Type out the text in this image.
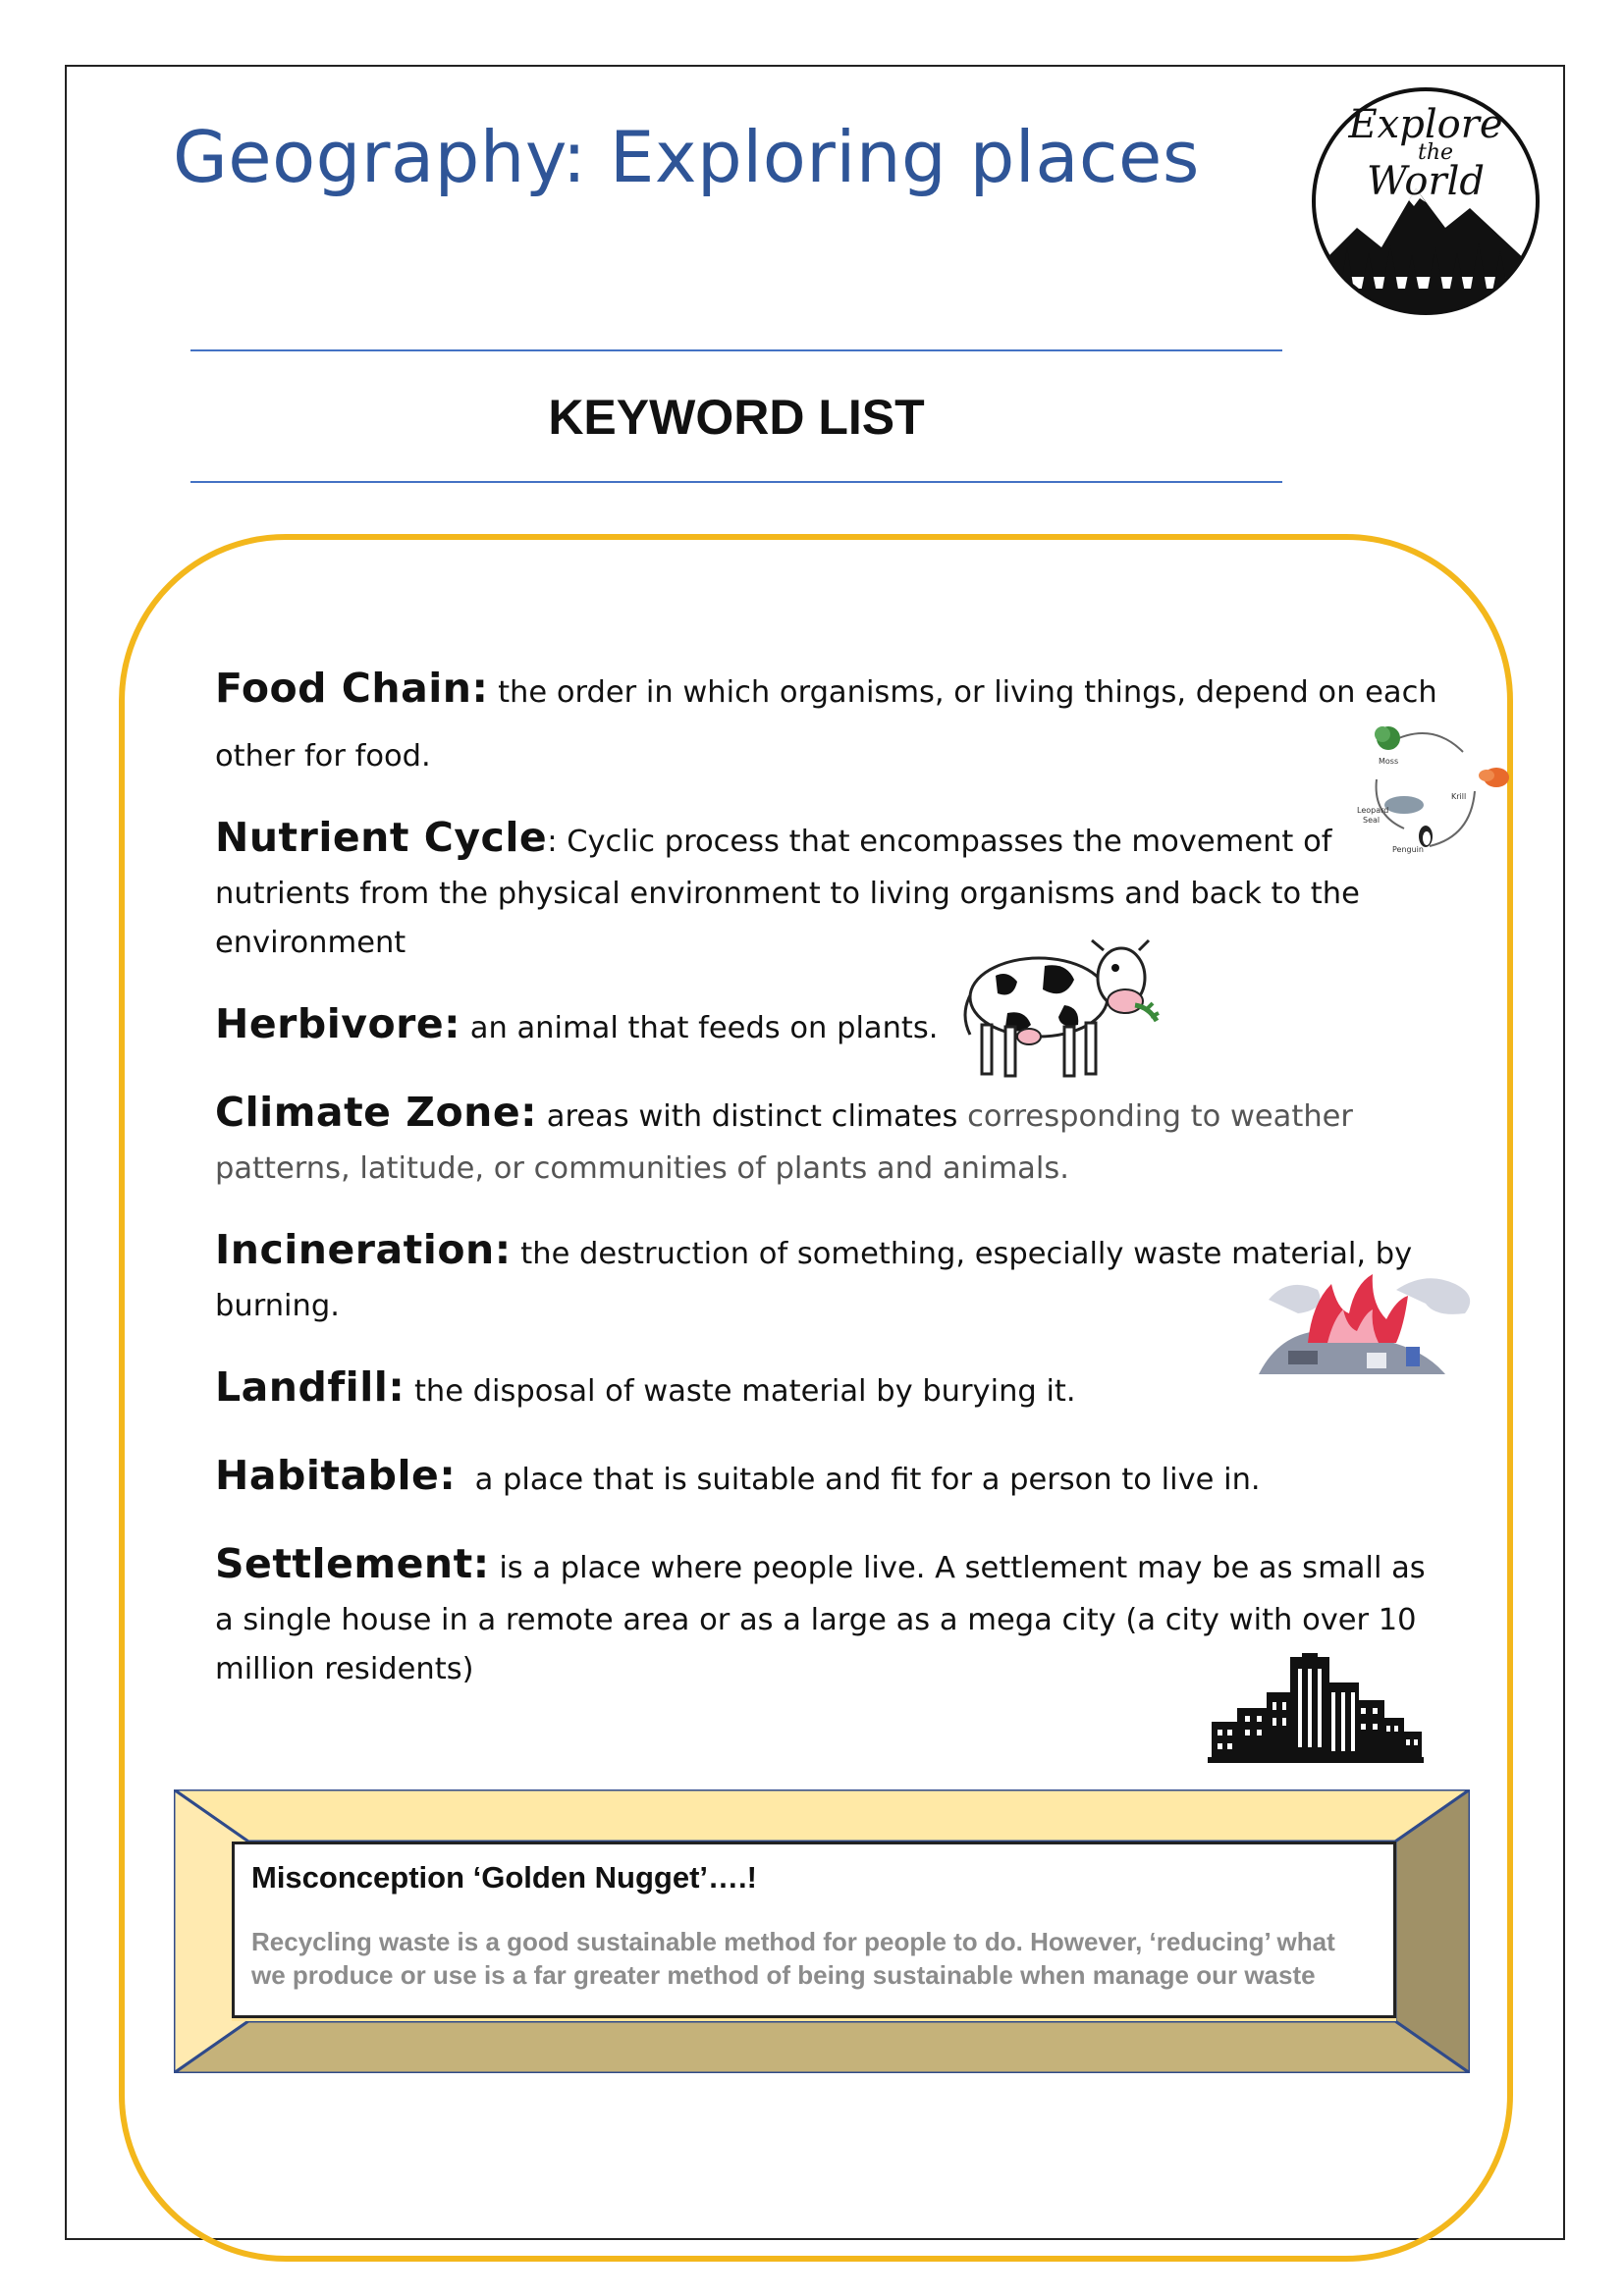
Geography: Exploring places	Explore
the
World
KEYWORD LIST
Food Chain: the order in which organisms, or living things, depend on each
other for food.	Moss
Krill
Leopard
Seal
Penguin
Nutrient Cycle: Cyclic process that encompasses the movement of
nutrients from the physical environment to living organisms and back to the
environment
Herbivore: an animal that feeds on plants.
Climate Zone: areas with distinct climates corresponding to weather
patterns, latitude, or communities of plants and animals.
Incineration: the destruction of something, especially waste material, by
burning.
Landfill: the disposal of waste material by burying it.
Habitable: a place that is suitable and fit for a person to live in.
Settlement: is a place where people live. A settlement may be as small as
a single house in a remote area or as a large as a mega city (a city with over 10
million residents)
Misconception ‘Golden Nugget’….!
Recycling waste is a good sustainable method for people to do. However, ‘reducing’ what we produce or use is a far greater method of being sustainable when manage our waste
